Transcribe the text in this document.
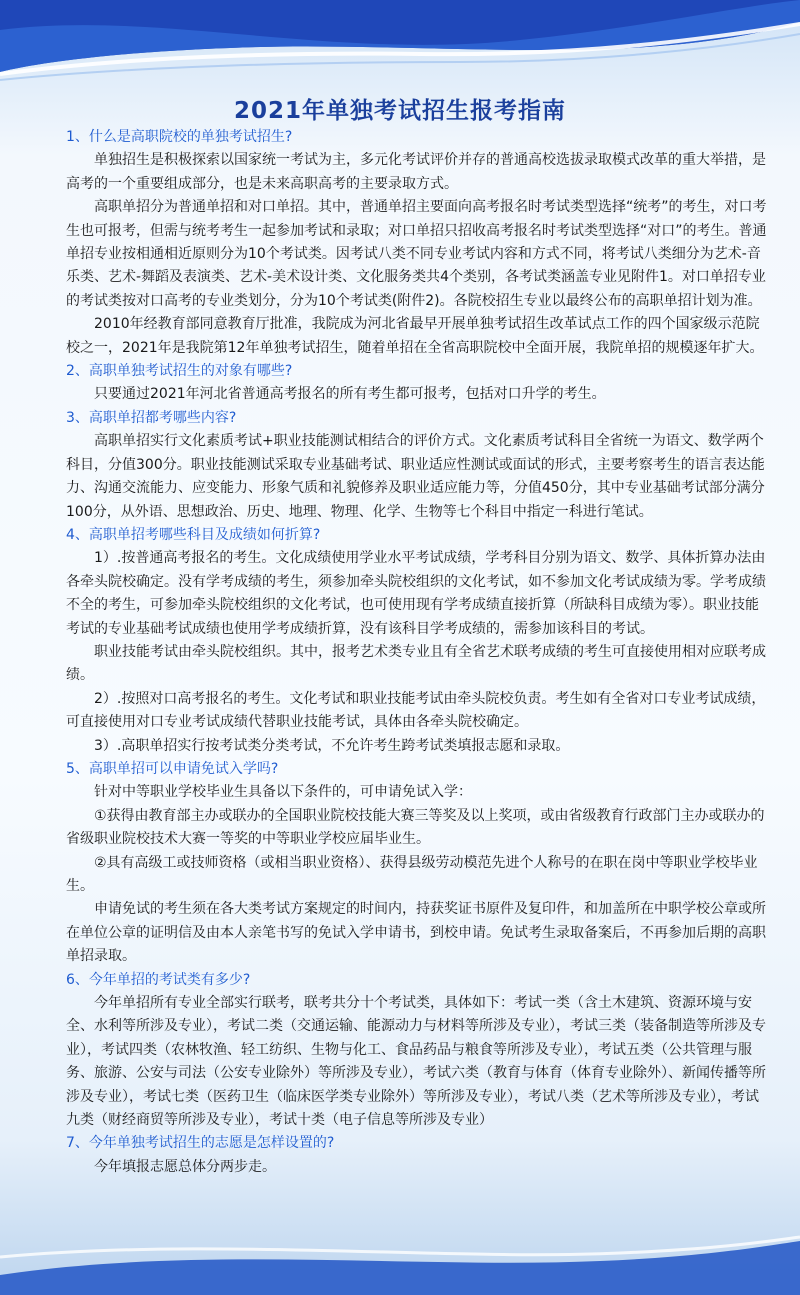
2021年单独考试招生报考指南
1、什么是高职院校的单独考试招生?

单独招生是积极探索以国家统一考试为主，多元化考试评价并存的普通高校选拔录取模式改革的重大举措，是高考的一个重要组成部分，也是未来高职高考的主要录取方式。

高职单招分为普通单招和对口单招。其中，普通单招主要面向高考报名时考试类型选择“统考”的考生，对口考生也可报考，但需与统考考生一起参加考试和录取；对口单招只招收高考报名时考试类型选择“对口”的考生。普通单招专业按相通相近原则分为10个考试类。因考试八类不同专业考试内容和方式不同，将考试八类细分为艺术-音乐类、艺术-舞蹈及表演类、艺术-美术设计类、文化服务类共4个类别，各考试类涵盖专业见附件1。对口单招专业的考试类按对口高考的专业类划分，分为10个考试类(附件2)。各院校招生专业以最终公布的高职单招计划为准。

2010年经教育部同意教育厅批准，我院成为河北省最早开展单独考试招生改革试点工作的四个国家级示范院校之一，2021年是我院第12年单独考试招生，随着单招在全省高职院校中全面开展，我院单招的规模逐年扩大。

2、高职单独考试招生的对象有哪些?

只要通过2021年河北省普通高考报名的所有考生都可报考，包括对口升学的考生。

3、高职单招都考哪些内容?

高职单招实行文化素质考试+职业技能测试相结合的评价方式。文化素质考试科目全省统一为语文、数学两个科目，分值300分。职业技能测试采取专业基础考试、职业适应性测试或面试的形式，主要考察考生的语言表达能力、沟通交流能力、应变能力、形象气质和礼貌修养及职业适应能力等，分值450分，其中专业基础考试部分满分100分，从外语、思想政治、历史、地理、物理、化学、生物等七个科目中指定一科进行笔试。

4、高职单招考哪些科目及成绩如何折算?

1）.按普通高考报名的考生。文化成绩使用学业水平考试成绩，学考科目分别为语文、数学、具体折算办法由各牵头院校确定。没有学考成绩的考生，须参加牵头院校组织的文化考试，如不参加文化考试成绩为零。学考成绩不全的考生，可参加牵头院校组织的文化考试，也可使用现有学考成绩直接折算（所缺科目成绩为零）。职业技能考试的专业基础考试成绩也使用学考成绩折算，没有该科目学考成绩的，需参加该科目的考试。

职业技能考试由牵头院校组织。其中，报考艺术类专业且有全省艺术联考成绩的考生可直接使用相对应联考成绩。

2）.按照对口高考报名的考生。文化考试和职业技能考试由牵头院校负责。考生如有全省对口专业考试成绩，可直接使用对口专业考试成绩代替职业技能考试，具体由各牵头院校确定。

3）.高职单招实行按考试类分类考试，不允许考生跨考试类填报志愿和录取。

5、高职单招可以申请免试入学吗?

针对中等职业学校毕业生具备以下条件的，可申请免试入学：

①获得由教育部主办或联办的全国职业院校技能大赛三等奖及以上奖项，或由省级教育行政部门主办或联办的省级职业院校技术大赛一等奖的中等职业学校应届毕业生。

②具有高级工或技师资格（或相当职业资格）、获得县级劳动模范先进个人称号的在职在岗中等职业学校毕业生。

申请免试的考生须在各大类考试方案规定的时间内，持获奖证书原件及复印件，和加盖所在中职学校公章或所在单位公章的证明信及由本人亲笔书写的免试入学申请书，到校申请。免试考生录取备案后，不再参加后期的高职单招录取。

6、今年单招的考试类有多少?

今年单招所有专业全部实行联考，联考共分十个考试类，具体如下：考试一类（含土木建筑、资源环境与安全、水利等所涉及专业），考试二类（交通运输、能源动力与材料等所涉及专业），考试三类（装备制造等所涉及专业），考试四类（农林牧渔、轻工纺织、生物与化工、食品药品与粮食等所涉及专业），考试五类（公共管理与服务、旅游、公安与司法（公安专业除外）等所涉及专业），考试六类（教育与体育（体育专业除外）、新闻传播等所涉及专业），考试七类（医药卫生（临床医学类专业除外）等所涉及专业），考试八类（艺术等所涉及专业），考试九类（财经商贸等所涉及专业），考试十类（电子信息等所涉及专业）

7、今年单独考试招生的志愿是怎样设置的?

今年填报志愿总体分两步走。
